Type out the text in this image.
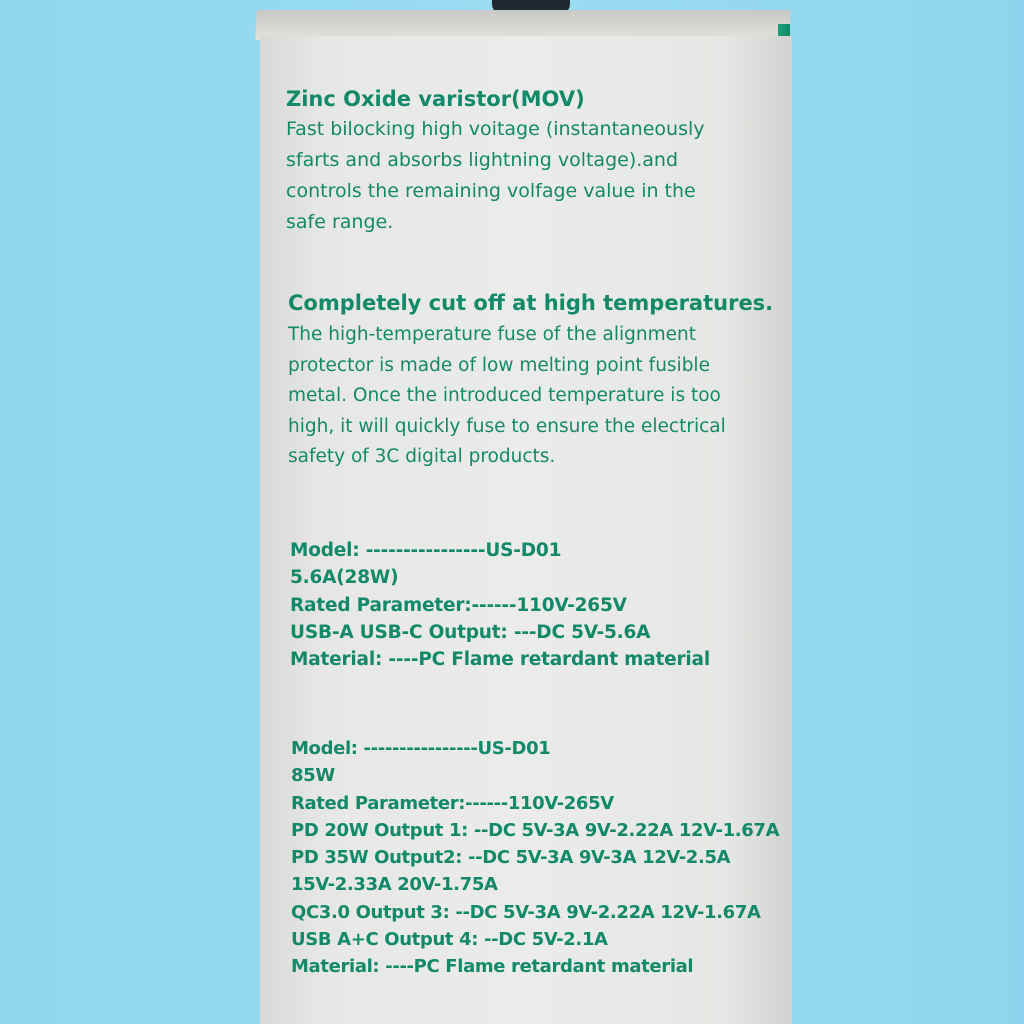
Zinc Oxide varistor(MOV)
Fast bilocking high voitage (instantaneously
sfarts and absorbs lightning voltage).and
controls the remaining volfage value in the
safe range.
Completely cut off at high temperatures.
The high-temperature fuse of the alignment
protector is made of low melting point fusible
metal. Once the introduced temperature is too
high, it will quickly fuse to ensure the electrical
safety of 3C digital products.
Model: ----------------US-D01
5.6A(28W)
Rated Parameter:------110V-265V
USB-A USB-C Output: ---DC 5V-5.6A
Material: ----PC Flame retardant material
Model: ----------------US-D01
85W
Rated Parameter:------110V-265V
PD 20W Output 1: --DC 5V-3A 9V-2.22A 12V-1.67A
PD 35W Output2: --DC 5V-3A 9V-3A 12V-2.5A
15V-2.33A 20V-1.75A
QC3.0 Output 3: --DC 5V-3A 9V-2.22A 12V-1.67A
USB A+C Output 4: --DC 5V-2.1A
Material: ----PC Flame retardant material
